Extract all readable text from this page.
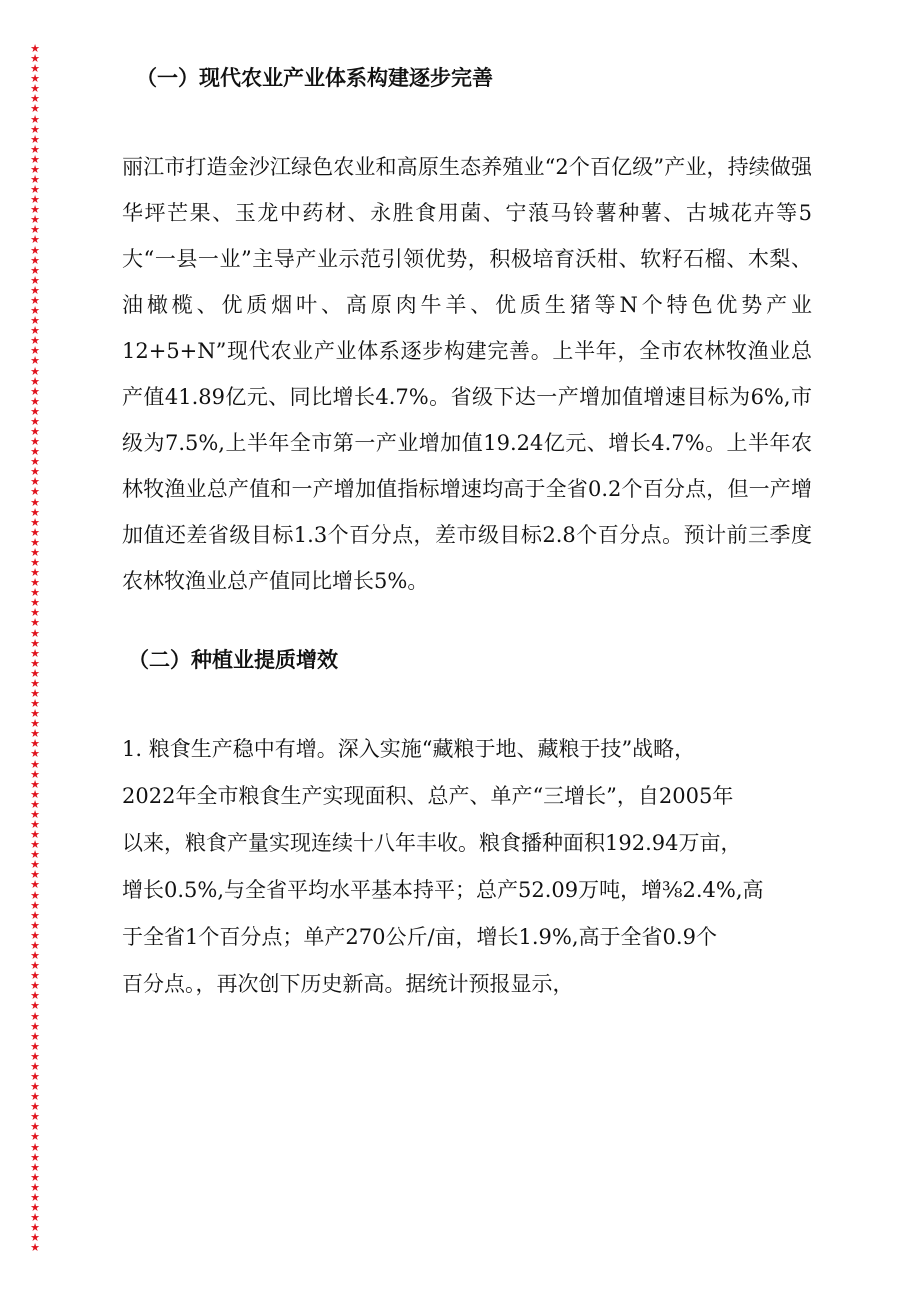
★
★
★
★
★
★
★
★
★
★
★
★
★
★
★
★
★
★
★
★
★
★
★
★
★
★
★
★
★
★
★
★
★
★
★
★
★
★
★
★
★
★
★
★
★
★
★
★
★
★
★
★
★
★
★
★
★
★
★
★
★
★
★
★
★
★
★
★
★
★
★
★
★
★
★
★
★
★
★
★
★
★
★
★
★
★
★
★
★
★
★
★
★
★
★
★
★
★
★
★
★
★
★
★
★
★
★
★
★
★
★
★
★
★
★
★
★
★
★
★
（一）现代农业产业体系构建逐步完善

丽江市打造金沙江绿色农业和高原生态养殖业“2个百亿级”产业，持续做强华坪芒果、玉龙中药材、永胜食用菌、宁蒗马铃薯种薯、古城花卉等5大“一县一业”主导产业示范引领优势，积极培育沃柑、软籽石榴、木梨、油橄榄、优质烟叶、高原肉牛羊、优质生猪等N个特色优势产业12+5+N”现代农业产业体系逐步构建完善。上半年，全市农林牧渔业总产值41.89亿元、同比增长4.7%。省级下达一产增加值增速目标为6%,市级为7.5%,上半年全市第一产业增加值19.24亿元、增长4.7%。上半年农林牧渔业总产值和一产增加值指标增速均高于全省0.2个百分点，但一产增加值还差省级目标1.3个百分点，差市级目标2.8个百分点。预计前三季度农林牧渔业总产值同比增长5%。

（二）种植业提质增效

1. 粮食生产稳中有增。深入实施“藏粮于地、藏粮于技”战略，
2022年全市粮食生产实现面积、总产、单产“三增长”，自2005年
以来，粮食产量实现连续十八年丰收。粮食播种面积192.94万亩，
增长0.5%,与全省平均水平基本持平；总产52.09万吨，增⅜2.4%,高
于全省1个百分点；单产270公斤/亩，增长1.9%,高于全省0.9个
百分点。，再次创下历史新高。据统计预报显示，
